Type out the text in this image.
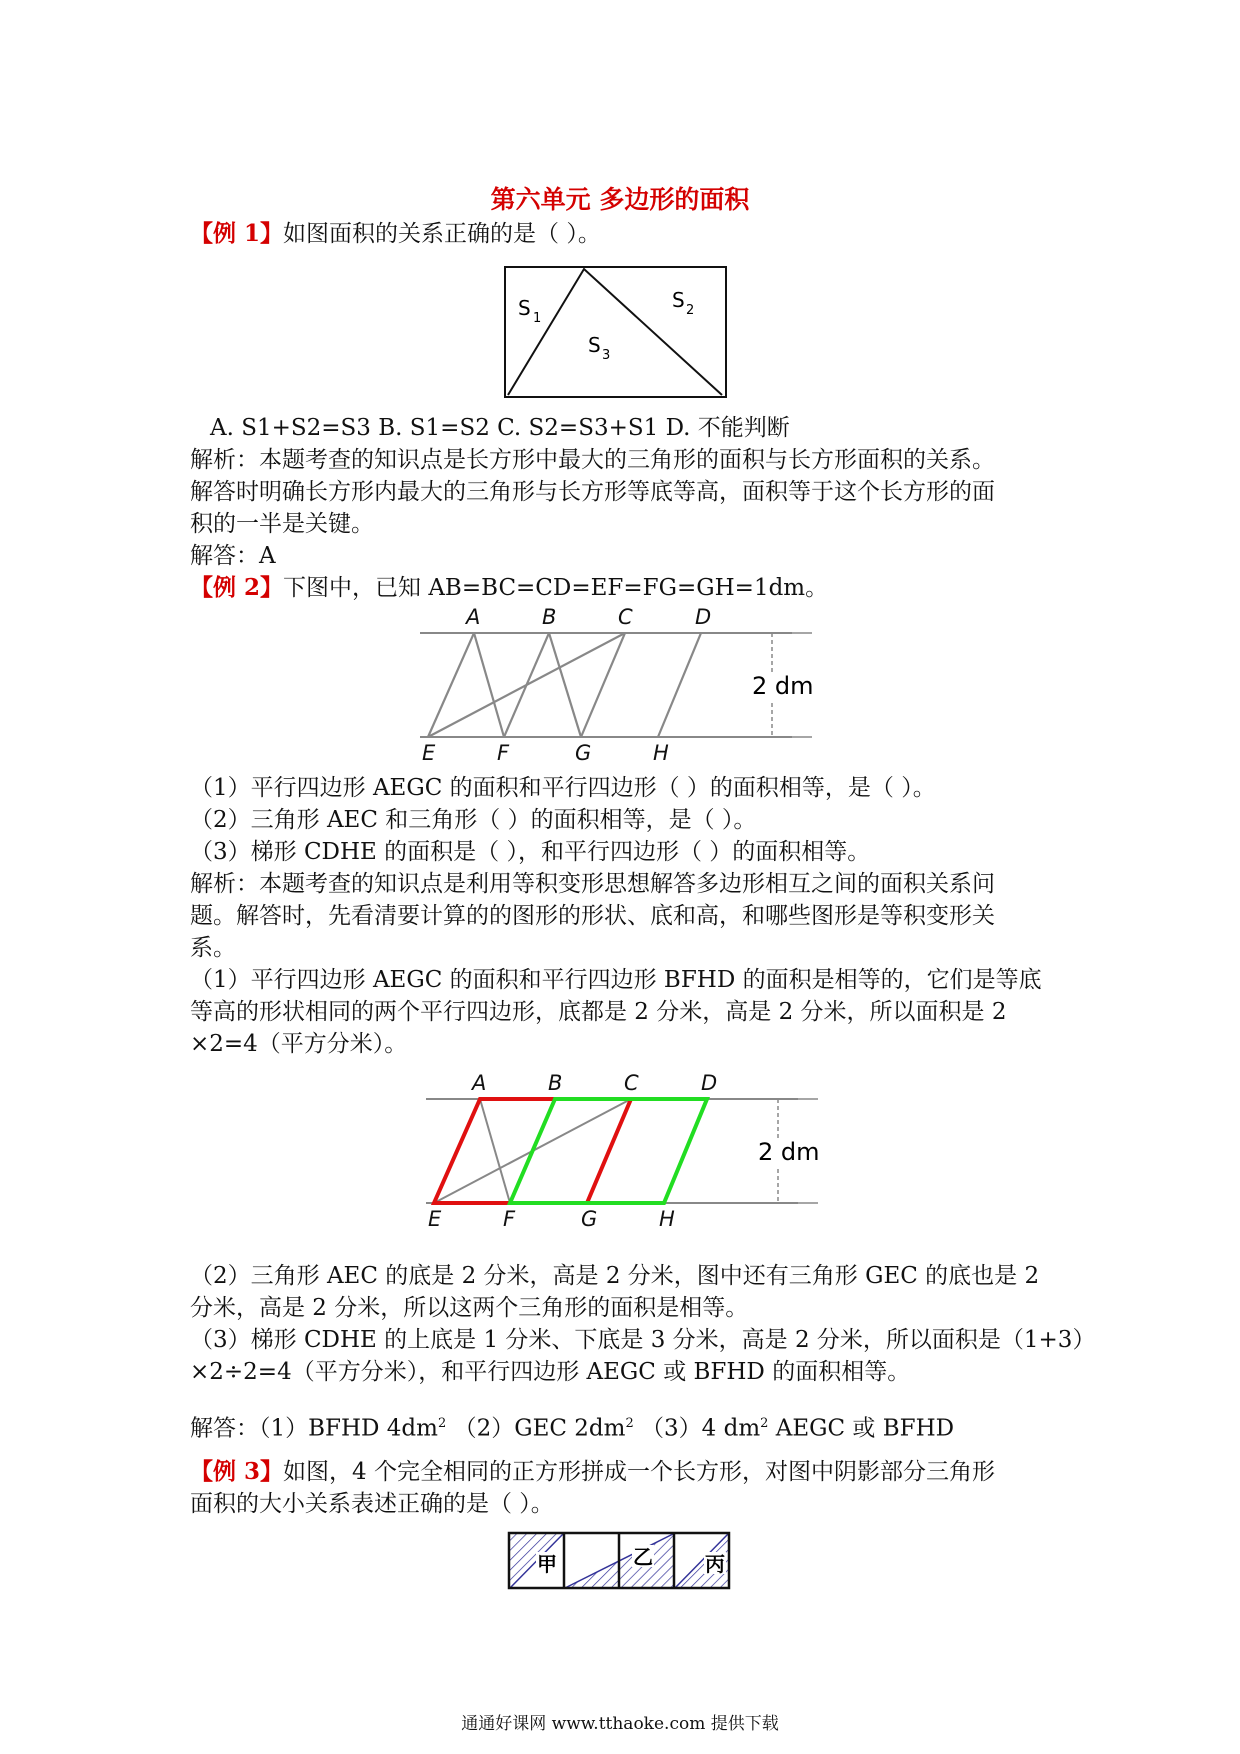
第六单元 多边形的面积
【例 1】如图面积的关系正确的是（ ）。
S 1
S 2
S 3
A. S1+S2=S3 B. S1=S2 C. S2=S3+S1 D. 不能判断
解析：本题考查的知识点是长方形中最大的三角形的面积与长方形面积的关系。
解答时明确长方形内最大的三角形与长方形等底等高，面积等于这个长方形的面
积的一半是关键。
解答：A
【例 2】下图中，已知 AB=BC=CD=EF=FG=GH=1dm。
A	B	C	D
E	F	G	H
2 dm
（1）平行四边形 AEGC 的面积和平行四边形（ ）的面积相等，是（ ）。
（2）三角形 AEC 和三角形（ ）的面积相等，是（ ）。
（3）梯形 CDHE 的面积是（ ），和平行四边形（ ）的面积相等。
解析：本题考查的知识点是利用等积变形思想解答多边形相互之间的面积关系问
题。解答时，先看清要计算的的图形的形状、底和高，和哪些图形是等积变形关
系。
（1）平行四边形 AEGC 的面积和平行四边形 BFHD 的面积是相等的，它们是等底
等高的形状相同的两个平行四边形，底都是 2 分米，高是 2 分米，所以面积是 2
×2=4（平方分米）。
A	B	C	D
E	F	G	H
2 dm
（2）三角形 AEC 的底是 2 分米，高是 2 分米，图中还有三角形 GEC 的底也是 2
分米，高是 2 分米，所以这两个三角形的面积是相等。
（3）梯形 CDHE 的上底是 1 分米、下底是 3 分米，高是 2 分米，所以面积是（1+3）
×2÷2=4（平方分米），和平行四边形 AEGC 或 BFHD 的面积相等。
解答：（1）BFHD $4dm^2$ （2）GEC $2dm^2$ （3）4 $dm^2$ AEGC 或 BFHD
【例 3】如图，4 个完全相同的正方形拼成一个长方形，对图中阴影部分三角形
面积的大小关系表述正确的是（ ）。
甲	乙	丙
通通好课网 www.tthaoke.com 提供下载
